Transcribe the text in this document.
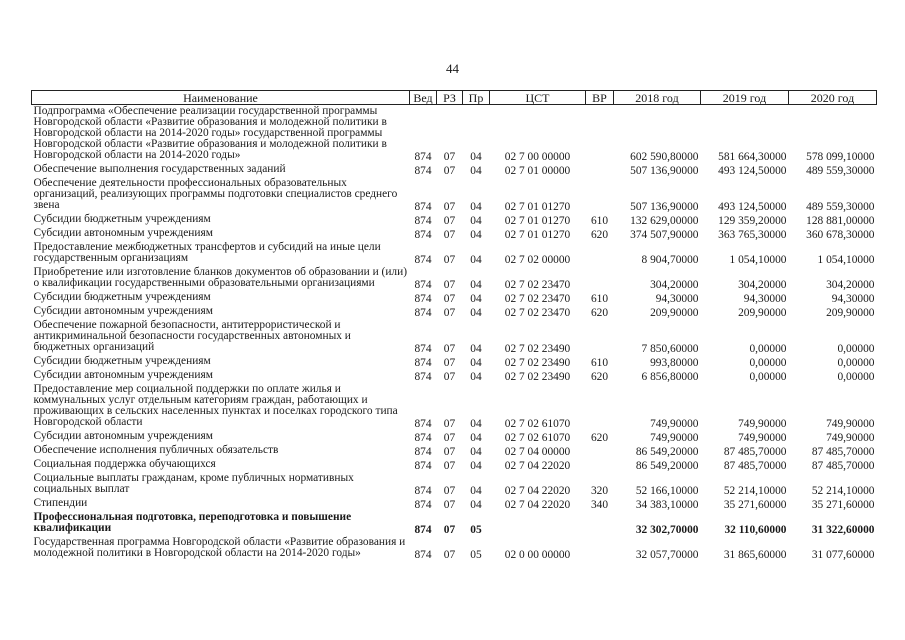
44
Наименование	Вед	РЗ	Пр	ЦСТ	ВР	2018 год	2019 год	2020 год
Подпрограмма «Обеспечение реализации государственной программы Новгородской области «Развитие образования и молодежной политики в Новгородской области на 2014-2020 годы» государственной программы Новгородской области «Развитие образования и молодежной политики в Новгородской области на 2014-2020 годы»	874	07	04	02 7 00 00000		602 590,80000	581 664,30000	578 099,10000
Обеспечение выполнения государственных заданий	874	07	04	02 7 01 00000		507 136,90000	493 124,50000	489 559,30000
Обеспечение деятельности профессиональных образовательных организаций, реализующих программы подготовки специалистов среднего звена	874	07	04	02 7 01 01270		507 136,90000	493 124,50000	489 559,30000
Субсидии бюджетным учреждениям	874	07	04	02 7 01 01270	610	132 629,00000	129 359,20000	128 881,00000
Субсидии автономным учреждениям	874	07	04	02 7 01 01270	620	374 507,90000	363 765,30000	360 678,30000
Предоставление межбюджетных трансфертов и субсидий на иные цели государственным организациям	874	07	04	02 7 02 00000		8 904,70000	1 054,10000	1 054,10000
Приобретение или изготовление бланков документов об образовании и (или) о квалификации государственными образовательными организациями	874	07	04	02 7 02 23470		304,20000	304,20000	304,20000
Субсидии бюджетным учреждениям	874	07	04	02 7 02 23470	610	94,30000	94,30000	94,30000
Субсидии автономным учреждениям	874	07	04	02 7 02 23470	620	209,90000	209,90000	209,90000
Обеспечение пожарной безопасности, антитеррористической и антикриминальной безопасности государственных автономных и бюджетных организаций	874	07	04	02 7 02 23490		7 850,60000	0,00000	0,00000
Субсидии бюджетным учреждениям	874	07	04	02 7 02 23490	610	993,80000	0,00000	0,00000
Субсидии автономным учреждениям	874	07	04	02 7 02 23490	620	6 856,80000	0,00000	0,00000
Предоставление мер социальной поддержки по оплате жилья и коммунальных услуг отдельным категориям граждан, работающих и проживающих в сельских населенных пунктах и поселках городского типа Новгородской области	874	07	04	02 7 02 61070		749,90000	749,90000	749,90000
Субсидии автономным учреждениям	874	07	04	02 7 02 61070	620	749,90000	749,90000	749,90000
Обеспечение исполнения публичных обязательств	874	07	04	02 7 04 00000		86 549,20000	87 485,70000	87 485,70000
Социальная поддержка обучающихся	874	07	04	02 7 04 22020		86 549,20000	87 485,70000	87 485,70000
Социальные выплаты гражданам, кроме публичных нормативных социальных выплат	874	07	04	02 7 04 22020	320	52 166,10000	52 214,10000	52 214,10000
Стипендии	874	07	04	02 7 04 22020	340	34 383,10000	35 271,60000	35 271,60000
Профессиональная подготовка, переподготовка и повышение квалификации	874	07	05			32 302,70000	32 110,60000	31 322,60000
Государственная программа Новгородской области «Развитие образования и молодежной политики в Новгородской области на 2014-2020 годы»	874	07	05	02 0 00 00000		32 057,70000	31 865,60000	31 077,60000
